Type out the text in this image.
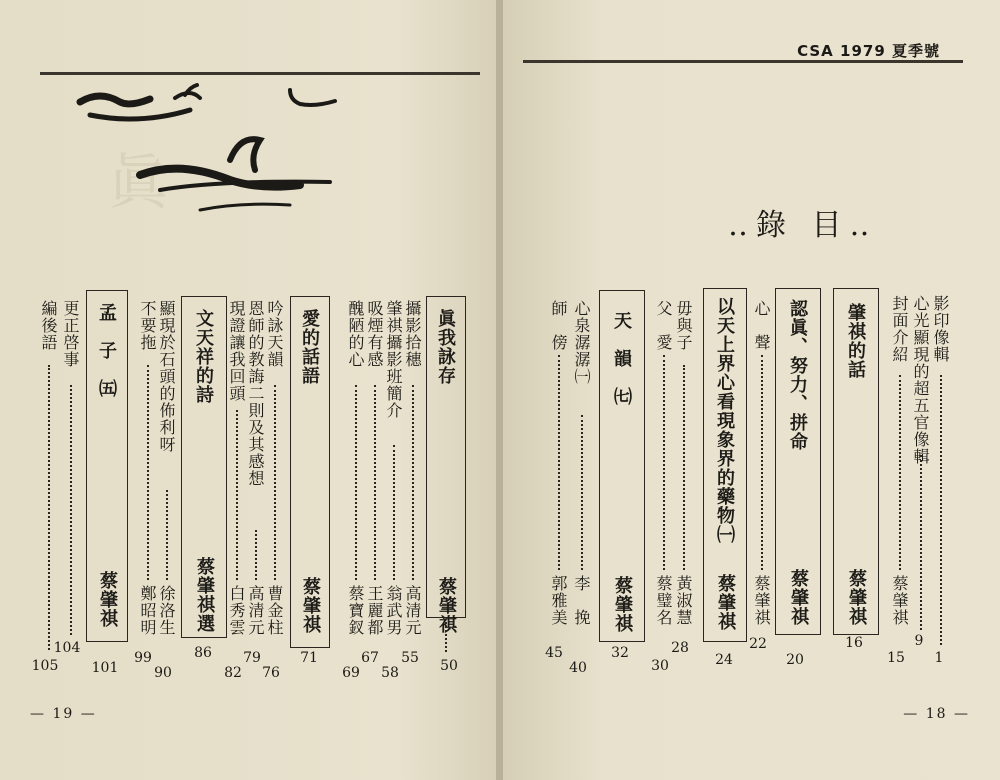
眞
眞我詠存
蔡肇祺
50
攝影拾穗
高清元
55
肇祺攝影班簡介
翁武男
58
吸煙有感
王麗都
67
醜陋的心
蔡寶釵
69
愛的話語
蔡肇祺
71
吟詠天韻
曹金柱
76
恩師的教誨二則及其感想
高清元
79
現證讓我回頭
白秀雲
82
文天祥的詩
蔡肇祺選
86
顯現於石頭的佈利呀
徐洛生
90
不要拖
鄭昭明
99
孟　子　㈤
蔡肇祺
101
更正啓事
104
編後語
105
— 19 —
CSA 1979 夏季號
‥錄 目‥
影印像輯
1
心光顯現的超五官像輯
9
封面介紹
蔡肇祺
15
肇祺的話
蔡肇祺
16
認眞、努力、拼命
蔡肇祺
20
心　聲
蔡肇祺
22
以天上界心看現象界的藥物㈠
蔡肇祺
24
毋與子
黃淑慧
28
父　愛
蔡璧名
30
天　韻　㈦
蔡肇祺
32
心泉潺潺㈠
李　挽
40
師　傍
郭雅美
45
— 18 —
